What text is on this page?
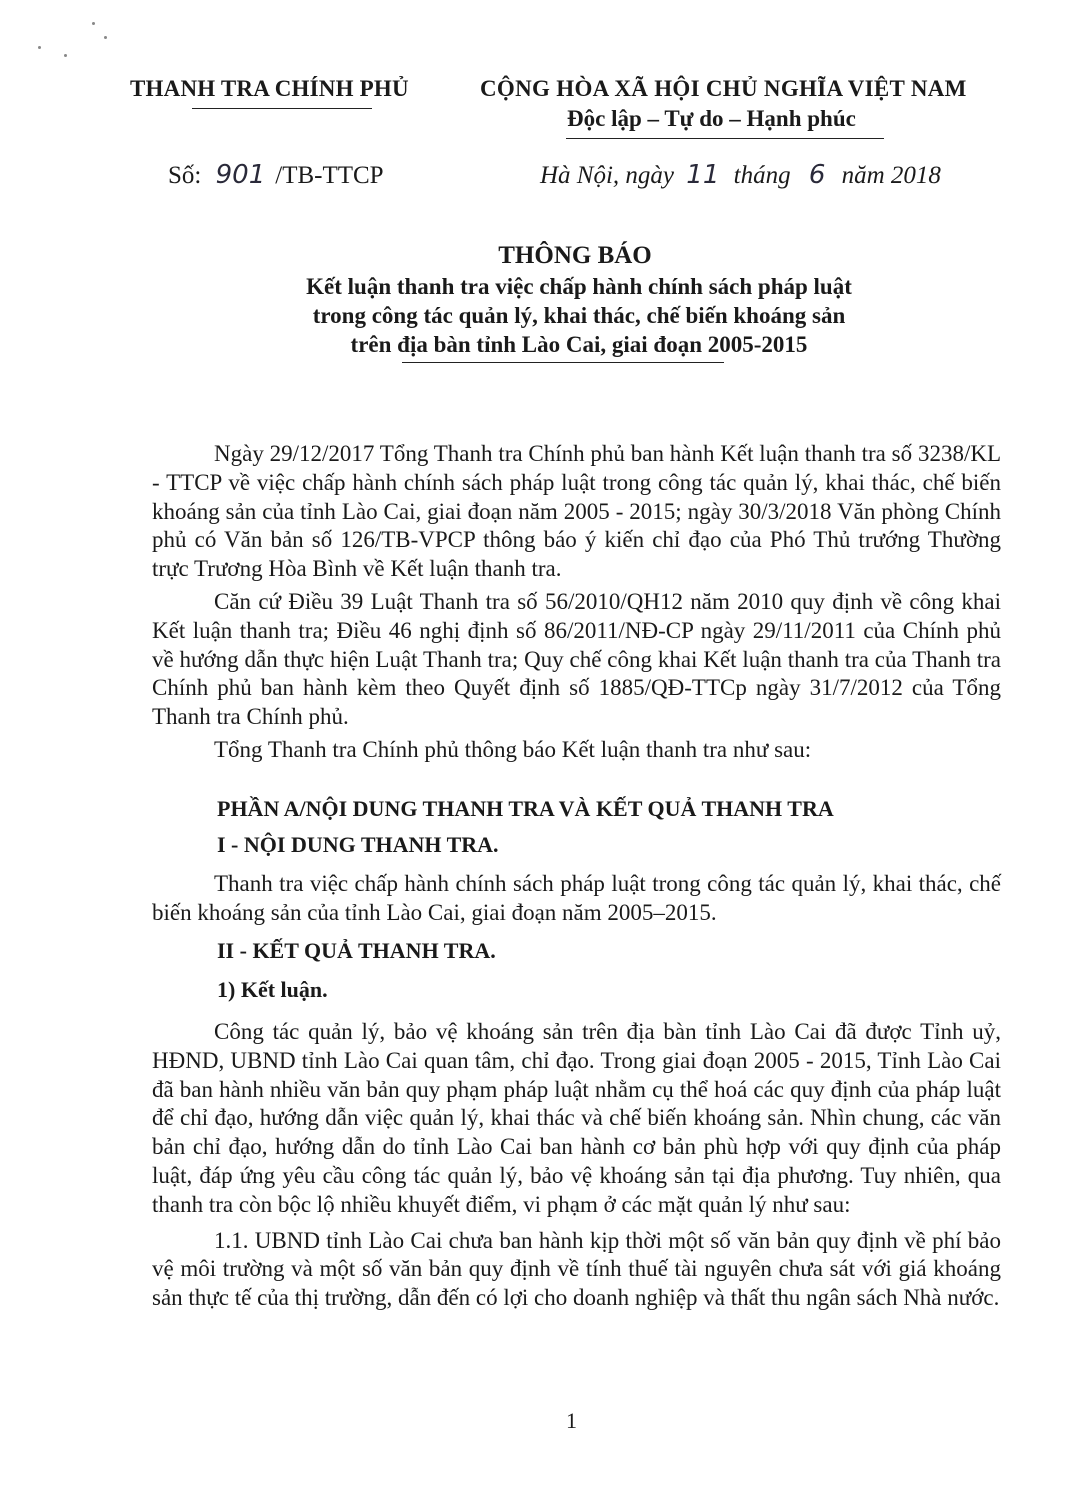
THANH TRA CHÍNH PHỦ	CỘNG HÒA XÃ HỘI CHỦ NGHĨA VIỆT NAM
Độc lập – Tự do – Hạnh phúc
Số: 901 /TB-TTCP	Hà Nội, ngày 11 tháng 6 năm 2018
THÔNG BÁO
Kết luận thanh tra việc chấp hành chính sách pháp luật
trong công tác quản lý, khai thác, chế biến khoáng sản
trên địa bàn tỉnh Lào Cai, giai đoạn 2005-2015

Ngày 29/12/2017 Tổng Thanh tra Chính phủ ban hành Kết luận thanh tra số 3238/KL - TTCP về việc chấp hành chính sách pháp luật trong công tác quản lý, khai thác, chế biến khoáng sản của tỉnh Lào Cai, giai đoạn năm 2005 - 2015; ngày 30/3/2018 Văn phòng Chính phủ có Văn bản số 126/TB-VPCP thông báo ý kiến chỉ đạo của Phó Thủ trướng Thường trực Trương Hòa Bình về Kết luận thanh tra.

Căn cứ Điều 39 Luật Thanh tra số 56/2010/QH12 năm 2010 quy định về công khai Kết luận thanh tra; Điều 46 nghị định số 86/2011/NĐ-CP ngày 29/11/2011 của Chính phủ về hướng dẫn thực hiện Luật Thanh tra; Quy chế công khai Kết luận thanh tra của Thanh tra Chính phủ ban hành kèm theo Quyết định số 1885/QĐ-TTCp ngày 31/7/2012 của Tổng Thanh tra Chính phủ.

Tổng Thanh tra Chính phủ thông báo Kết luận thanh tra như sau:

PHẦN A/NỘI DUNG THANH TRA VÀ KẾT QUẢ THANH TRA
I - NỘI DUNG THANH TRA.

Thanh tra việc chấp hành chính sách pháp luật trong công tác quản lý, khai thác, chế biến khoáng sản của tỉnh Lào Cai, giai đoạn năm 2005–2015.

II - KẾT QUẢ THANH TRA.
1) Kết luận.

Công tác quản lý, bảo vệ khoáng sản trên địa bàn tỉnh Lào Cai đã được Tỉnh uỷ, HĐND, UBND tỉnh Lào Cai quan tâm, chỉ đạo. Trong giai đoạn 2005 - 2015, Tỉnh Lào Cai đã ban hành nhiều văn bản quy phạm pháp luật nhằm cụ thể hoá các quy định của pháp luật để chỉ đạo, hướng dẫn việc quản lý, khai thác và chế biến khoáng sản. Nhìn chung, các văn bản chỉ đạo, hướng dẫn do tỉnh Lào Cai ban hành cơ bản phù hợp với quy định của pháp luật, đáp ứng yêu cầu công tác quản lý, bảo vệ khoáng sản tại địa phương. Tuy nhiên, qua thanh tra còn bộc lộ nhiều khuyết điểm, vi phạm ở các mặt quản lý như sau:

1.1. UBND tỉnh Lào Cai chưa ban hành kịp thời một số văn bản quy định về phí bảo vệ môi trường và một số văn bản quy định về tính thuế tài nguyên chưa sát với giá khoáng sản thực tế của thị trường, dẫn đến có lợi cho doanh nghiệp và thất thu ngân sách Nhà nước.

1
